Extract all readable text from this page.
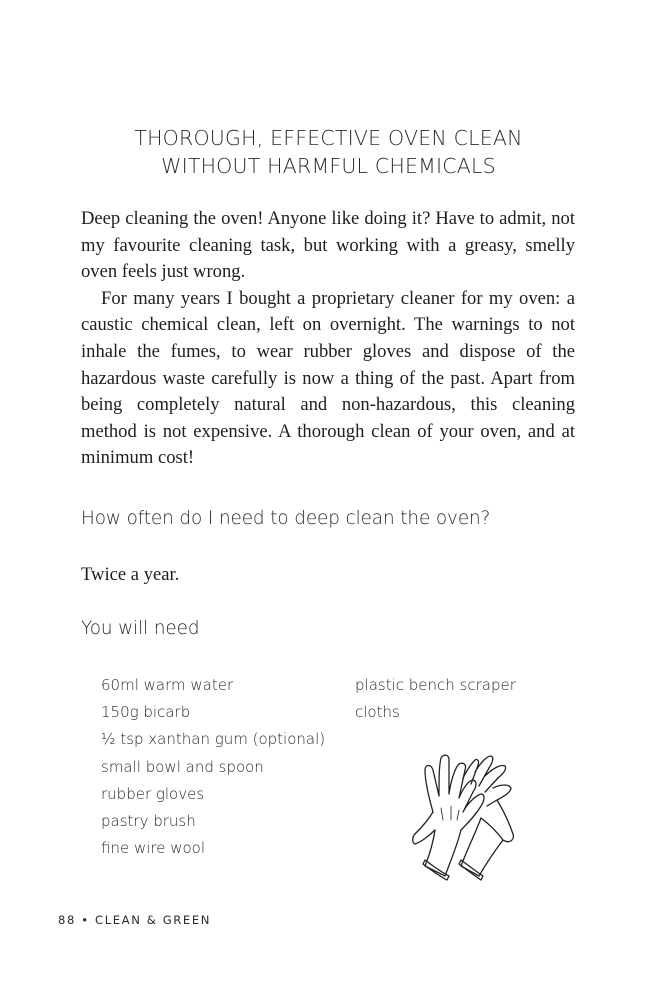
THOROUGH, EFFECTIVE OVEN CLEAN
WITHOUT HARMFUL CHEMICALS

Deep cleaning the oven! Anyone like doing it? Have to admit, not my favourite cleaning task, but working with a greasy, smelly oven feels just wrong.

For many years I bought a proprietary cleaner for my oven: a caustic chemical clean, left on overnight. The warnings to not inhale the fumes, to wear rubber gloves and dispose of the hazardous waste carefully is now a thing of the past. Apart from being completely natural and non-hazardous, this cleaning method is not expensive. A thorough clean of your oven, and at minimum cost!

How often do I need to deep clean the oven?
Twice a year.
You will need
60ml warm water
150g bicarb
½ tsp xanthan gum (optional)
small bowl and spoon
rubber gloves
pastry brush
fine wire wool
plastic bench scraper
cloths
88 • CLEAN & GREEN
